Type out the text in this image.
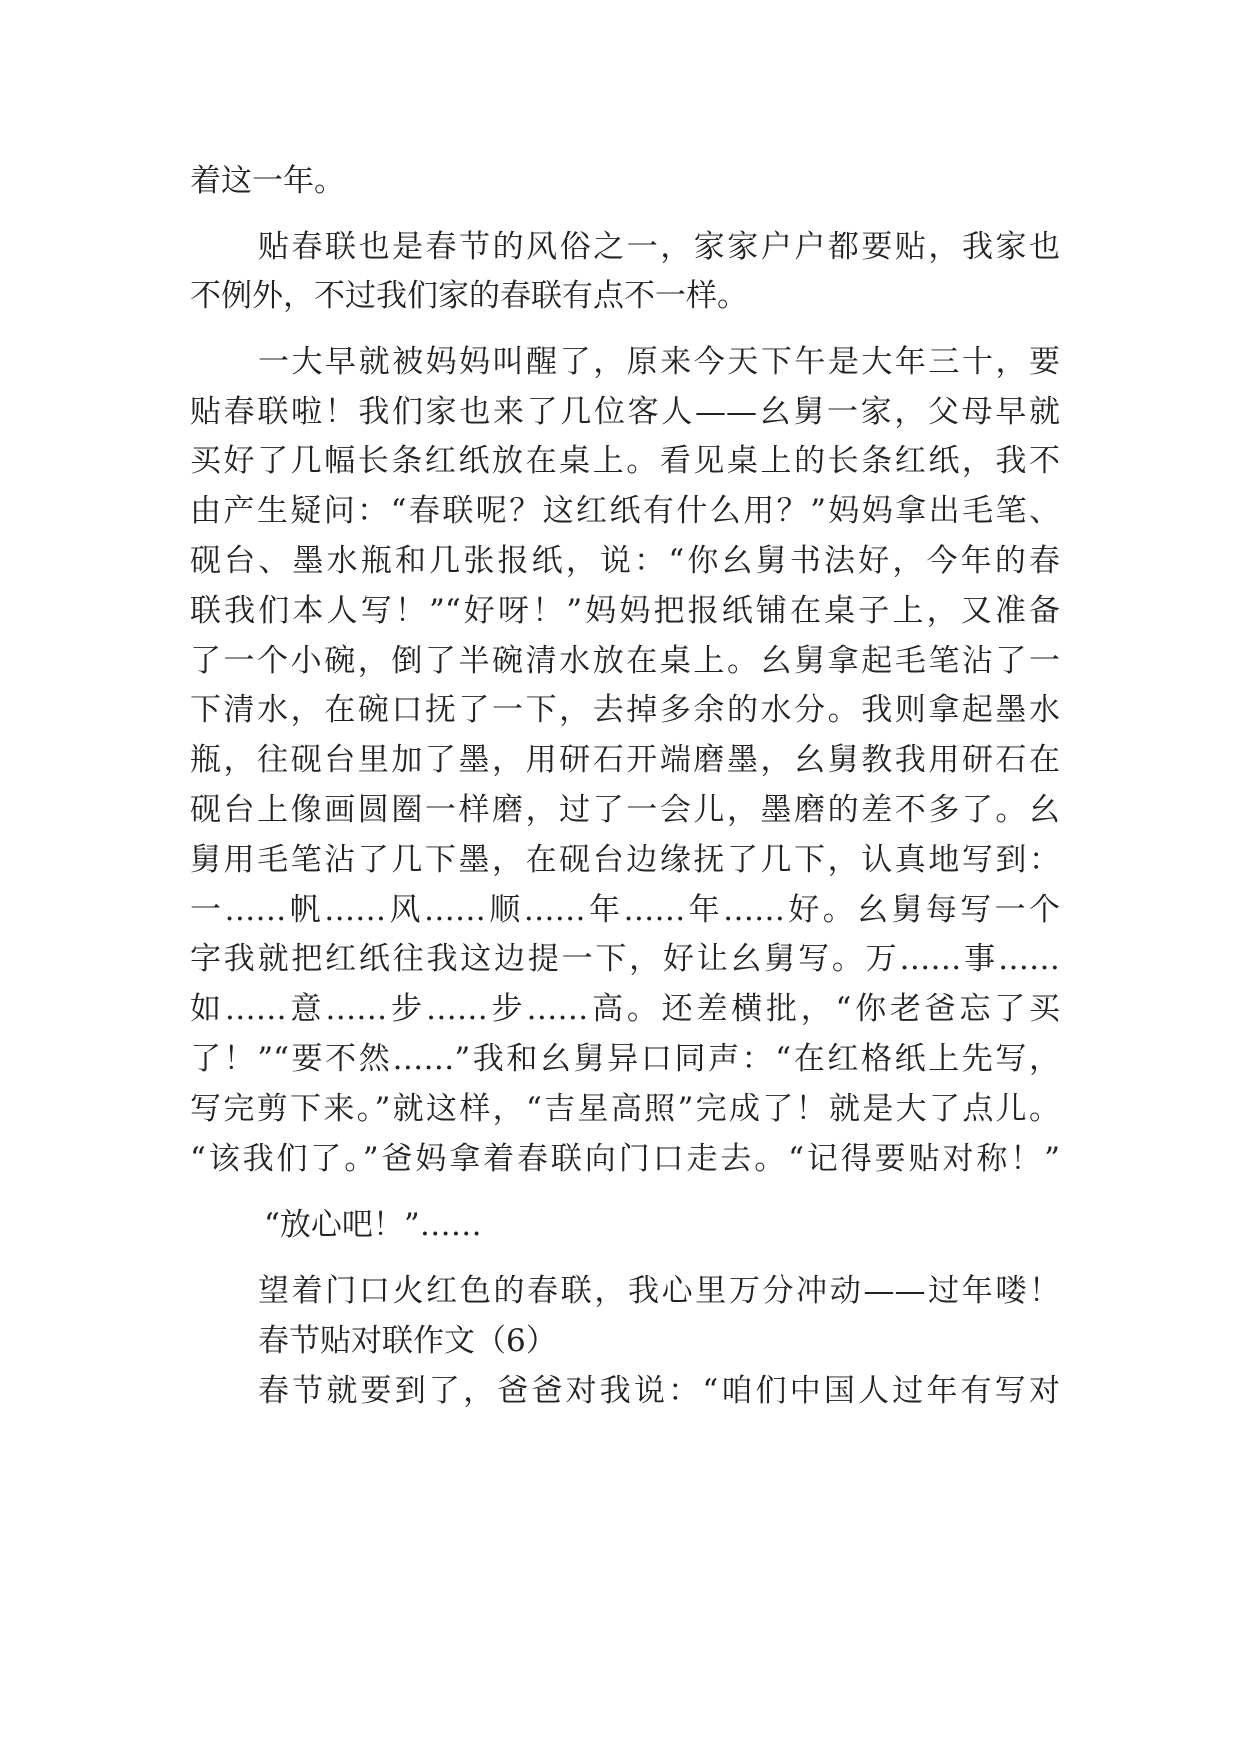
着这一年。
贴春联也是春节的风俗之一，家家户户都要贴，我家也
不例外，不过我们家的春联有点不一样。
一大早就被妈妈叫醒了，原来今天下午是大年三十，要
贴春联啦！我们家也来了几位客人——幺舅一家，父母早就
买好了几幅长条红纸放在桌上。看见桌上的长条红纸，我不
由产生疑问：“春联呢？这红纸有什么用？”妈妈拿出毛笔、
砚台、墨水瓶和几张报纸，说：“你幺舅书法好，今年的春
联我们本人写！”“好呀！”妈妈把报纸铺在桌子上，又准备
了一个小碗，倒了半碗清水放在桌上。幺舅拿起毛笔沾了一
下清水，在碗口抚了一下，去掉多余的水分。我则拿起墨水
瓶，往砚台里加了墨，用研石开端磨墨，幺舅教我用研石在
砚台上像画圆圈一样磨，过了一会儿，墨磨的差不多了。幺
舅用毛笔沾了几下墨，在砚台边缘抚了几下，认真地写到：
一……帆……风……顺……年……年……好。幺舅每写一个
字我就把红纸往我这边提一下，好让幺舅写。万……事……
如……意……步……步……高。还差横批，“你老爸忘了买
了！”“要不然……”我和幺舅异口同声：“在红格纸上先写，
写完剪下来。”就这样，“吉星高照”完成了！就是大了点儿。
“该我们了。”爸妈拿着春联向门口走去。“记得要贴对称！”
“放心吧！”……
望着门口火红色的春联，我心里万分冲动——过年喽！
春节贴对联作文（6）
春节就要到了，爸爸对我说：“咱们中国人过年有写对
